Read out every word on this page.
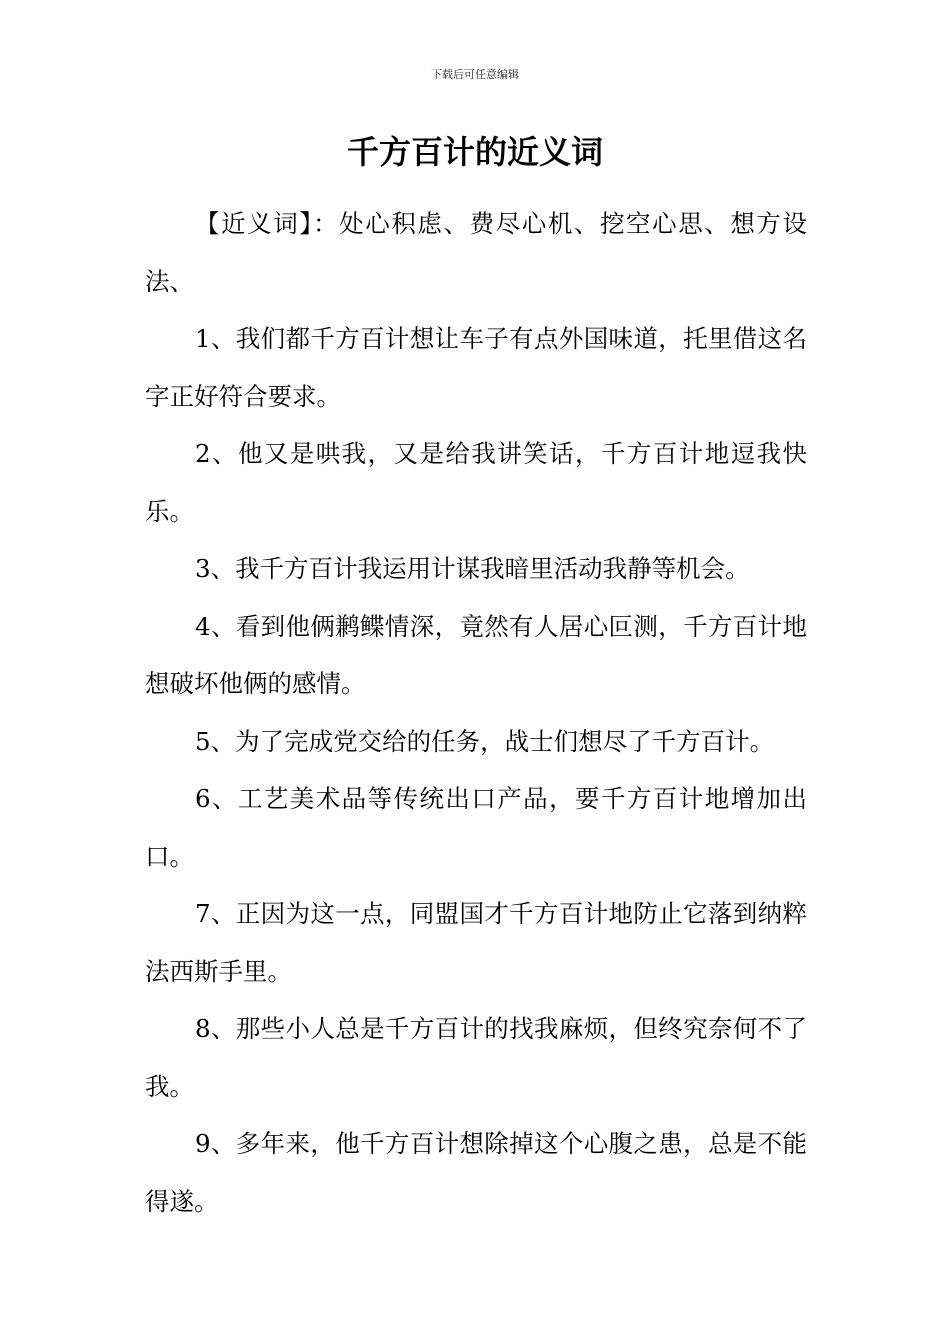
下载后可任意编辑
千方百计的近义词

【近义词】：处心积虑、费尽心机、挖空心思、想方设法、

1、我们都千方百计想让车子有点外国味道，托里借这名字正好符合要求。

2、他又是哄我，又是给我讲笑话，千方百计地逗我快乐。

3、我千方百计我运用计谋我暗里活动我静等机会。

4、看到他俩鹣鲽情深，竟然有人居心叵测，千方百计地想破坏他俩的感情。

5、为了完成党交给的任务，战士们想尽了千方百计。

6、工艺美术品等传统出口产品，要千方百计地增加出口。

7、正因为这一点，同盟国才千方百计地防止它落到纳粹法西斯手里。

8、那些小人总是千方百计的找我麻烦，但终究奈何不了我。

9、多年来，他千方百计想除掉这个心腹之患，总是不能得遂。
